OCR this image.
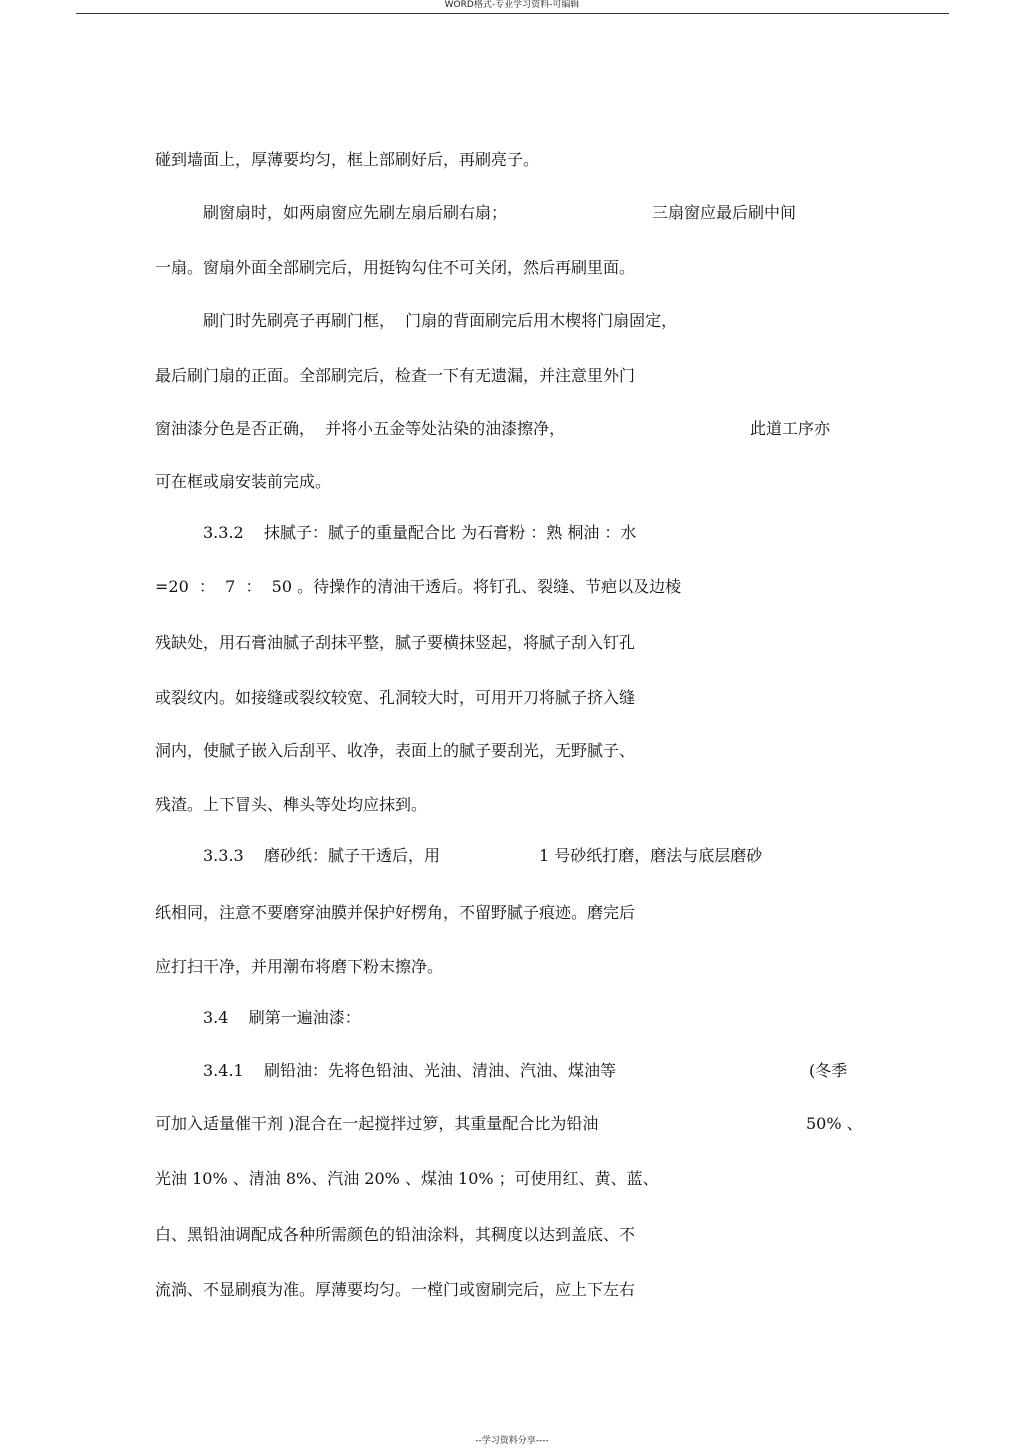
WORD格式-专业学习资料-可编辑
碰到墙面上，厚薄要均匀，框上部刷好后，再刷亮子。
刷窗扇时，如两扇窗应先刷左扇后刷右扇；	三扇窗应最后刷中间
一扇。窗扇外面全部刷完后，用挺钩勾住不可关闭，然后再刷里面。
刷门时先刷亮子再刷门框，  门扇的背面刷完后用木楔将门扇固定，
最后刷门扇的正面。全部刷完后，检查一下有无遗漏，并注意里外门
窗油漆分色是否正确，  并将小五金等处沾染的油漆擦净，	此道工序亦
可在框或扇安装前完成。
3.3.2    抹腻子：腻子的重量配合比 为石膏粉 ：熟 桐油 ：水
=20  ：  7  ：  50 。待操作的清油干透后。将钉孔、裂缝、节疤以及边棱
残缺处，用石膏油腻子刮抹平整，腻子要横抹竖起，将腻子刮入钉孔
或裂纹内。如接缝或裂纹较宽、孔洞较大时，可用开刀将腻子挤入缝
洞内，使腻子嵌入后刮平、收净，表面上的腻子要刮光，无野腻子、
残渣。上下冒头、榫头等处均应抹到。
3.3.3    磨砂纸：腻子干透后，用	1 号砂纸打磨，磨法与底层磨砂
纸相同，注意不要磨穿油膜并保护好楞角，不留野腻子痕迹。磨完后
应打扫干净，并用潮布将磨下粉末擦净。
3.4    刷第一遍油漆：
3.4.1    刷铅油：先将色铅油、光油、清油、汽油、煤油等	(冬季
可加入适量催干剂 )混合在一起搅拌过箩，其重量配合比为铅油	50% 、
光油 10% 、清油 8%、汽油 20% 、煤油 10% ；可使用红、黄、蓝、
白、黑铅油调配成各种所需颜色的铅油涂料，其稠度以达到盖底、不
流淌、不显刷痕为准。厚薄要均匀。一樘门或窗刷完后，应上下左右
--学习资料分享----
